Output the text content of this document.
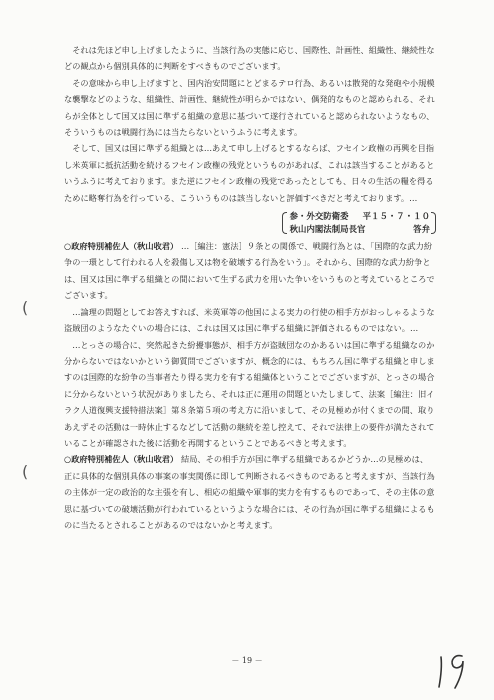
(
(

それは先ほど申し上げましたように、当該行為の実態に応じ、国際性、計画性、組織性、継続性などの観点から個別具体的に判断をすべきものでございます。

その意味から申し上げますと、国内治安問題にとどまるテロ行為、あるいは散発的な発砲や小規模な襲撃などのような、組織性、計画性、継続性が明らかではない、偶発的なものと認められる、それらが全体として国又は国に準ずる組織の意思に基づいて遂行されていると認められないようなもの、そういうものは戦闘行為には当たらないというふうに考えます。

そして、国又は国に準ずる組織とは…あえて申し上げるとするならば、フセイン政権の再興を目指し米英軍に抵抗活動を続けるフセイン政権の残党というものがあれば、これは該当することがあるというふうに考えております。また逆にフセイン政権の残党であったとしても、日々の生活の糧を得るために略奪行為を行っている、こういうものは該当しないと評価すべきだと考えております。…

参・外交防衛委 平１５・７・１０
秋山内閣法制局長官	答弁

○政府特別補佐人（秋山收君） …［編注：憲法］９条との関係で、戦闘行為とは、「国際的な武力紛争の一環として行われる人を殺傷し又は物を破壊する行為をいう」。それから、国際的な武力紛争とは、国又は国に準ずる組織との間において生ずる武力を用いた争いをいうものと考えているところでございます。

…論理の問題としてお答えすれば、米英軍等の他国による実力の行使の相手方がおっしゃるような盗賊団のようなたぐいの場合には、これは国又は国に準ずる組織に評価されるものではない。…

…とっさの場合に、突然起きた紛擾事態が、相手方が盗賊団なのかあるいは国に準ずる組織なのか分からないではないかという御質問でございますが、概念的には、もちろん国に準ずる組織と申しますのは国際的な紛争の当事者たり得る実力を有する組織体ということでございますが、とっさの場合に分からないという状況がありましたら、それは正に運用の問題といたしまして、法案［編注：旧イラク人道復興支援特措法案］第８条第５項の考え方に沿いまして、その見極めが付くまでの間、取りあえずその活動は一時休止するなどして活動の継続を差し控えて、それで法律上の要件が満たされていることが確認された後に活動を再開するということであるべきと考えます。

○政府特別補佐人（秋山收君） 結局、その相手方が国に準ずる組織であるかどうか…の見極めは、正に具体的な個別具体の事案の事実関係に即して判断されるべきものであると考えますが、当該行為の主体が一定の政治的な主張を有し、相応の組織や軍事的実力を有するものであって、その主体の意思に基づいての破壊活動が行われているというような場合には、その行為が国に準ずる組織によるものに当たるとされることがあるのではないかと考えます。

－ 19 －
